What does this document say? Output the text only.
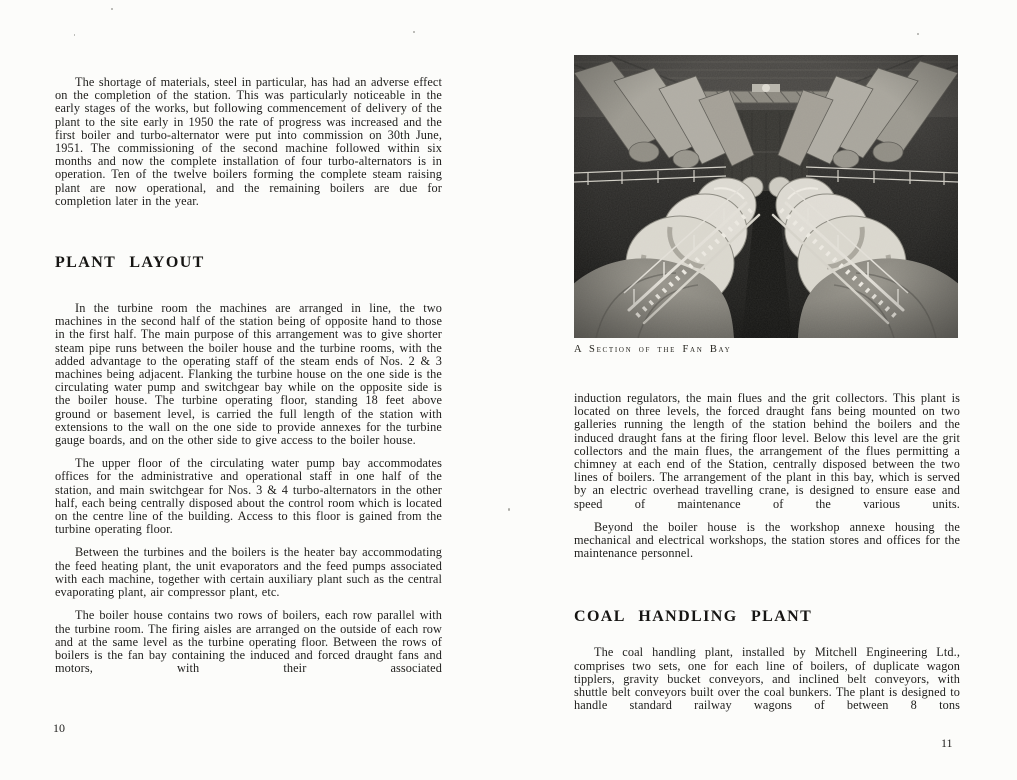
The shortage of materials, steel in particular, has had an adverse effect on the completion of the station. This was particularly noticeable in the early stages of the works, but following commencement of delivery of the plant to the site early in 1950 the rate of progress was increased and the first boiler and turbo-alternator were put into commission on 30th June, 1951. The commissioning of the second machine followed within six months and now the complete installation of four turbo-alternators is in operation. Ten of the twelve boilers forming the complete steam raising plant are now operational, and the remaining boilers are due for completion later in the year.

PLANT LAYOUT

In the turbine room the machines are arranged in line, the two machines in the second half of the station being of opposite hand to those in the first half. The main purpose of this arrangement was to give shorter steam pipe runs between the boiler house and the turbine rooms, with the added advantage to the operating staff of the steam ends of Nos. 2 & 3 machines being adjacent. Flanking the turbine house on the one side is the circulating water pump and switchgear bay while on the opposite side is the boiler house. The turbine operating floor, standing 18 feet above ground or basement level, is carried the full length of the station with extensions to the wall on the one side to provide annexes for the turbine gauge boards, and on the other side to give access to the boiler house.

The upper floor of the circulating water pump bay accommodates offices for the administrative and operational staff in one half of the station, and main switchgear for Nos. 3 & 4 turbo-alternators in the other half, each being centrally disposed about the control room which is located on the centre line of the building. Access to this floor is gained from the turbine operating floor.

Between the turbines and the boilers is the heater bay accommodating the feed heating plant, the unit evaporators and the feed pumps associated with each machine, together with certain auxiliary plant such as the central evaporating plant, air compressor plant, etc.

The boiler house contains two rows of boilers, each row parallel with the turbine room. The firing aisles are arranged on the outside of each row and at the same level as the turbine operating floor. Between the rows of boilers is the fan bay containing the induced and forced draught fans and motors, with their associated

10
A Section of the Fan Bay

induction regulators, the main flues and the grit collectors. This plant is located on three levels, the forced draught fans being mounted on two galleries running the length of the station behind the boilers and the induced draught fans at the firing floor level. Below this level are the grit collectors and the main flues, the arrangement of the flues permitting a chimney at each end of the Station, centrally disposed between the two lines of boilers. The arrangement of the plant in this bay, which is served by an electric overhead travelling crane, is designed to ensure ease and speed of maintenance of the various units.

Beyond the boiler house is the workshop annexe housing the mechanical and electrical workshops, the station stores and offices for the maintenance personnel.

COAL HANDLING PLANT

The coal handling plant, installed by Mitchell Engineering Ltd., comprises two sets, one for each line of boilers, of duplicate wagon tipplers, gravity bucket conveyors, and inclined belt conveyors, with shuttle belt conveyors built over the coal bunkers. The plant is designed to handle standard railway wagons of between 8 tons

11
